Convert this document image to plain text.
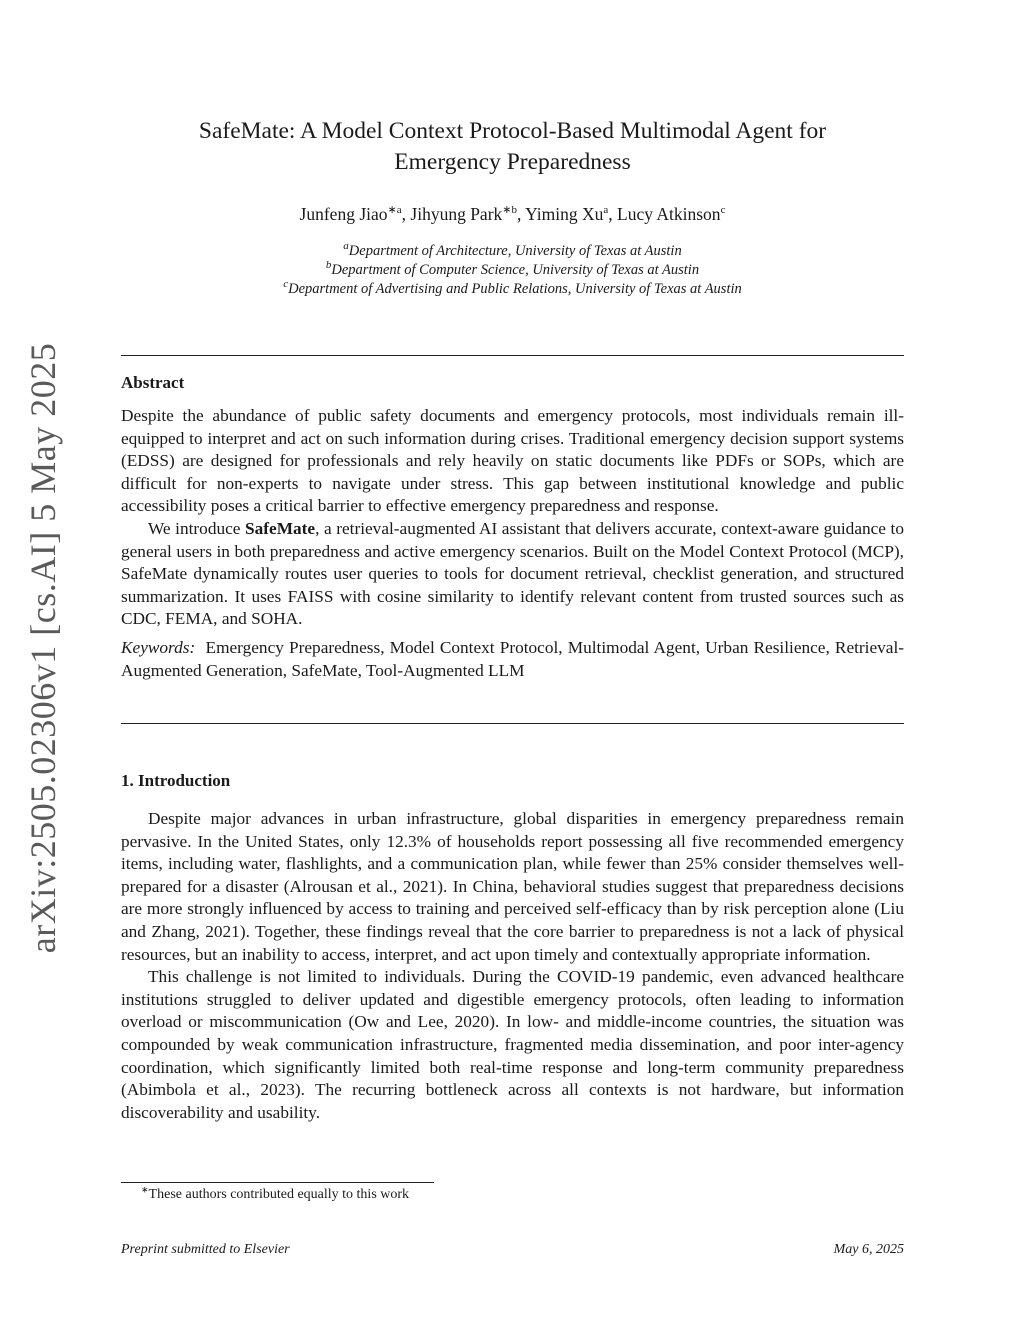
arXiv:2505.02306v1 [cs.AI] 5 May 2025
SafeMate: A Model Context Protocol-Based Multimodal Agent for
Emergency Preparedness
Junfeng Jiao$^{∗a}$, Jihyung Park$^{∗b}$, Yiming Xu$^a$, Lucy Atkinson$^c$
$^a$Department of Architecture, University of Texas at Austin
$^b$Department of Computer Science, University of Texas at Austin
$^c$Department of Advertising and Public Relations, University of Texas at Austin
Abstract

Despite the abundance of public safety documents and emergency protocols, most individuals remain ill-equipped to interpret and act on such information during crises. Traditional emergency decision support systems (EDSS) are designed for professionals and rely heavily on static documents like PDFs or SOPs, which are difficult for non-experts to navigate under stress. This gap between institutional knowledge and public accessibility poses a critical barrier to effective emergency preparedness and response.

We introduce SafeMate, a retrieval-augmented AI assistant that delivers accurate, context-aware guidance to general users in both preparedness and active emergency scenarios. Built on the Model Context Protocol (MCP), SafeMate dynamically routes user queries to tools for document retrieval, checklist generation, and structured summarization. It uses FAISS with cosine similarity to identify relevant content from trusted sources such as CDC, FEMA, and SOHA.

Keywords: Emergency Preparedness, Model Context Protocol, Multimodal Agent, Urban Resilience, Retrieval-Augmented Generation, SafeMate, Tool-Augmented LLM

1. Introduction

Despite major advances in urban infrastructure, global disparities in emergency preparedness remain pervasive. In the United States, only 12.3% of households report possessing all five recommended emergency items, including water, flashlights, and a communication plan, while fewer than 25% consider themselves well-prepared for a disaster (Alrousan et al., 2021). In China, behavioral studies suggest that preparedness decisions are more strongly influenced by access to training and perceived self-efficacy than by risk perception alone (Liu and Zhang, 2021). Together, these findings reveal that the core barrier to preparedness is not a lack of physical resources, but an inability to access, interpret, and act upon timely and contextually appropriate information.

This challenge is not limited to individuals. During the COVID-19 pandemic, even advanced healthcare institutions struggled to deliver updated and digestible emergency protocols, often leading to information overload or miscommunication (Ow and Lee, 2020). In low- and middle-income countries, the situation was compounded by weak communication infrastructure, fragmented media dissemination, and poor inter-agency coordination, which significantly limited both real-time response and long-term community preparedness (Abimbola et al., 2023). The recurring bottleneck across all contexts is not hardware, but information discoverability and usability.

∗These authors contributed equally to this work
Preprint submitted to Elsevier	May 6, 2025
